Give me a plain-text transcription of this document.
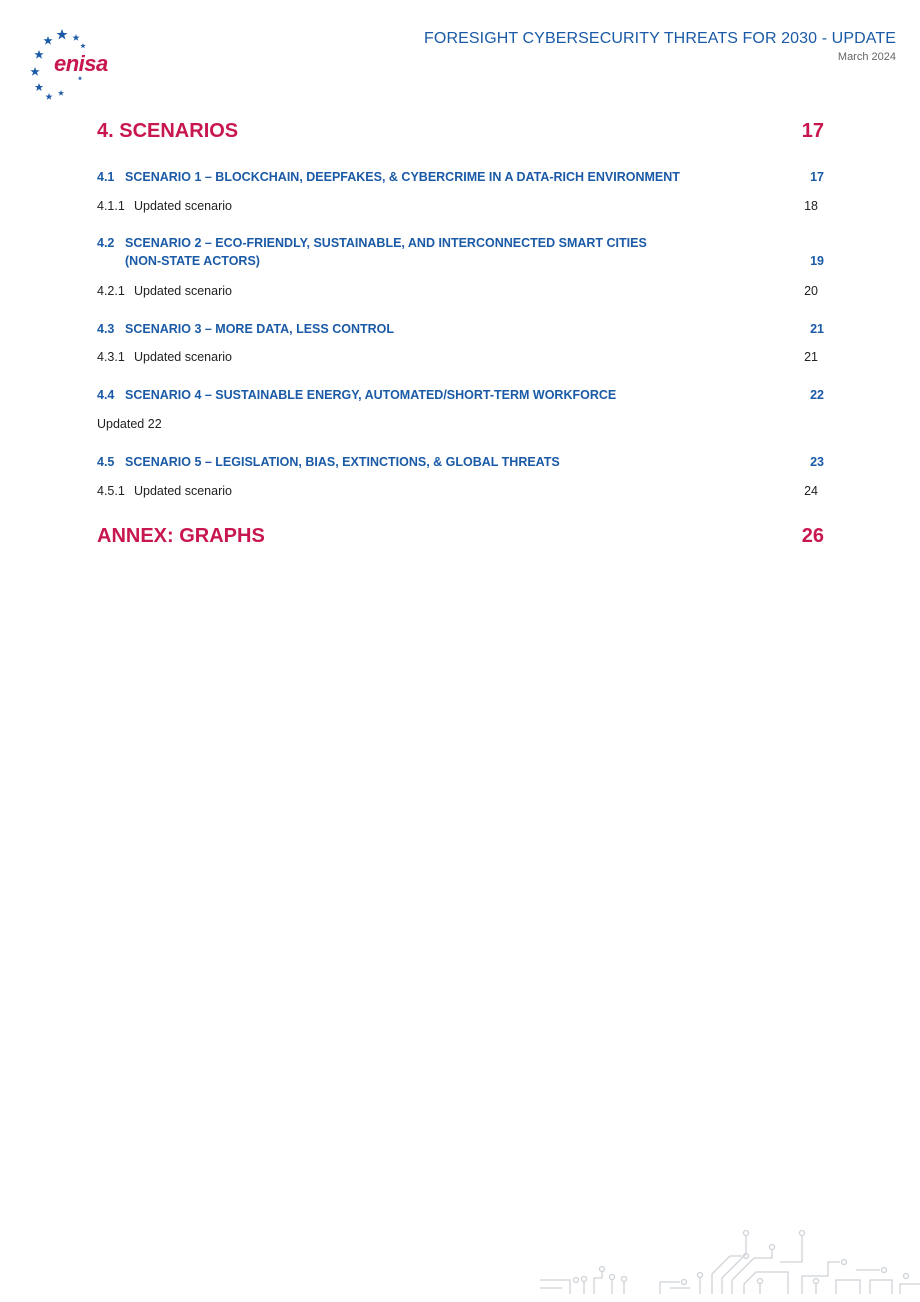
enisa
FORESIGHT CYBERSECURITY THREATS FOR 2030 - UPDATE
March 2024
4. SCENARIOS	17
4.1 SCENARIO 1 – BLOCKCHAIN, DEEPFAKES, & CYBERCRIME IN A DATA-RICH ENVIRONMENT	17
4.1.1 Updated scenario	18
4.2 SCENARIO 2 – ECO-FRIENDLY, SUSTAINABLE, AND INTERCONNECTED SMART CITIES
(NON-STATE ACTORS)	19
4.2.1 Updated scenario	20
4.3 SCENARIO 3 – MORE DATA, LESS CONTROL	21
4.3.1 Updated scenario	21
4.4 SCENARIO 4 – SUSTAINABLE ENERGY, AUTOMATED/SHORT-TERM WORKFORCE	22
Updated 22
4.5 SCENARIO 5 – LEGISLATION, BIAS, EXTINCTIONS, & GLOBAL THREATS	23
4.5.1 Updated scenario	24
ANNEX: GRAPHS	26
